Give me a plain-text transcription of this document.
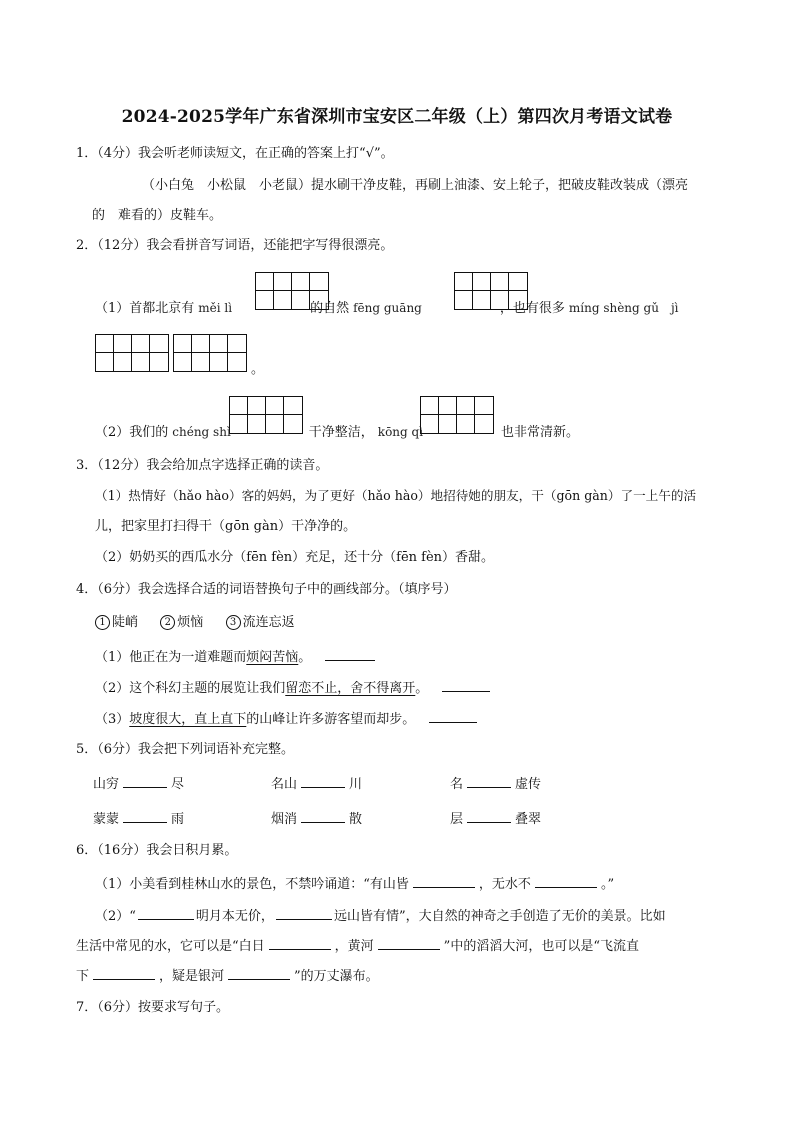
2024-2025学年广东省深圳市宝安区二年级（上）第四次月考语文试卷
1．（4分）我会听老师读短文，在正确的答案上打“√”。
（小白兔　小松鼠　小老鼠）提水刷干净皮鞋，再刷上油漆、安上轮子，把破皮鞋改装成（漂亮
的　难看的）皮鞋车。
2．（12分）我会看拼音写词语，还能把字写得很漂亮。
（1）首都北京有 měi lì	的自然 fēng guāng	，也有很多 míng shèng gǔ　jì
。
（2）我们的 chéng shì	干净整洁， kōng qì	也非常清新。
3．（12分）我会给加点字选择正确的读音。
（1）热情好（hǎo hào）客的妈妈，为了更好（hǎo hào）地招待她的朋友，干（gōn gàn）了一上午的活
儿，把家里打扫得干（gōn gàn）干净净的。
（2）奶奶买的西瓜水分（fēn fèn）充足，还十分（fēn fèn）香甜。
4．（6分）我会选择合适的词语替换句子中的画线部分。（填序号）
1 陡峭	2 烦恼	3 流连忘返
（1）他正在为一道难题而烦闷苦恼。
（2）这个科幻主题的展览让我们留恋不止，舍不得离开。
（3）坡度很大，直上直下的山峰让许多游客望而却步。
5．（6分）我会把下列词语补充完整。
山穷	尽	名山	川	名	虚传
蒙蒙	雨	烟消	散	层	叠翠
6．（16分）我会日积月累。
（1）小美看到桂林山水的景色，不禁吟诵道：“有山皆	，无水不	。”
（2）“	明月本无价，	远山皆有情”，大自然的神奇之手创造了无价的美景。比如
生活中常见的水，它可以是“白日	，黄河	”中的滔滔大河，也可以是“飞流直
下	，疑是银河	”的万丈瀑布。
7．（6分）按要求写句子。
